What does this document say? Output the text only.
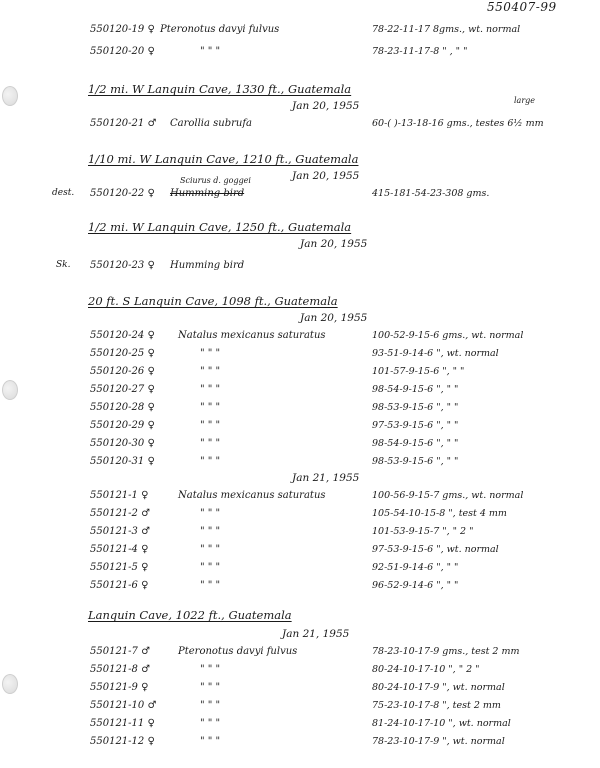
550407-99
550120-19 ♀ Pteronotus davyi fulvus	78-22-11-17 8gms., wt. normal
550120-20 ♀	" " "	78-23-11-17-8 " , " "
1/2 mi. W Lanquin Cave, 1330 ft., Guatemala
Jan 20, 1955	large
550120-21 ♂ Carollia subrufa	60-( )-13-18-16 gms., testes 6½ mm
1/10 mi. W Lanquin Cave, 1210 ft., Guatemala
Jan 20, 1955
Sciurus d. goggei
dest. 550120-22 ♀ Humming bird	415-181-54-23-308 gms.
1/2 mi. W Lanquin Cave, 1250 ft., Guatemala
Jan 20, 1955
Sk. 550120-23 ♀ Humming bird
20 ft. S Lanquin Cave, 1098 ft., Guatemala
Jan 20, 1955
550120-24 ♀ Natalus mexicanus saturatus	100-52-9-15-6 gms., wt. normal
550120-25 ♀	" " "	93-51-9-14-6 ", wt. normal
550120-26 ♀	" " "	101-57-9-15-6 ", " "
550120-27 ♀	" " "	98-54-9-15-6 ", " "
550120-28 ♀	" " "	98-53-9-15-6 ", " "
550120-29 ♀	" " "	97-53-9-15-6 ", " "
550120-30 ♀	" " "	98-54-9-15-6 ", " "
550120-31 ♀	" " "	98-53-9-15-6 ", " "
Jan 21, 1955
550121-1 ♀	Natalus mexicanus saturatus	100-56-9-15-7 gms., wt. normal
550121-2 ♂	" " "	105-54-10-15-8 ", test 4 mm
550121-3 ♂	" " "	101-53-9-15-7 ", " 2 "
550121-4 ♀	" " "	97-53-9-15-6 ", wt. normal
550121-5 ♀	" " "	92-51-9-14-6 ", " "
550121-6 ♀	" " "	96-52-9-14-6 ", " "
Lanquin Cave, 1022 ft., Guatemala
Jan 21, 1955
550121-7 ♂	Pteronotus davyi fulvus	78-23-10-17-9 gms., test 2 mm
550121-8 ♂	" " "	80-24-10-17-10 ", " 2 "
550121-9 ♀	" " "	80-24-10-17-9 ", wt. normal
550121-10 ♂	" " "	75-23-10-17-8 ", test 2 mm
550121-11 ♀	" " "	81-24-10-17-10 ", wt. normal
550121-12 ♀	" " "	78-23-10-17-9 ", wt. normal
